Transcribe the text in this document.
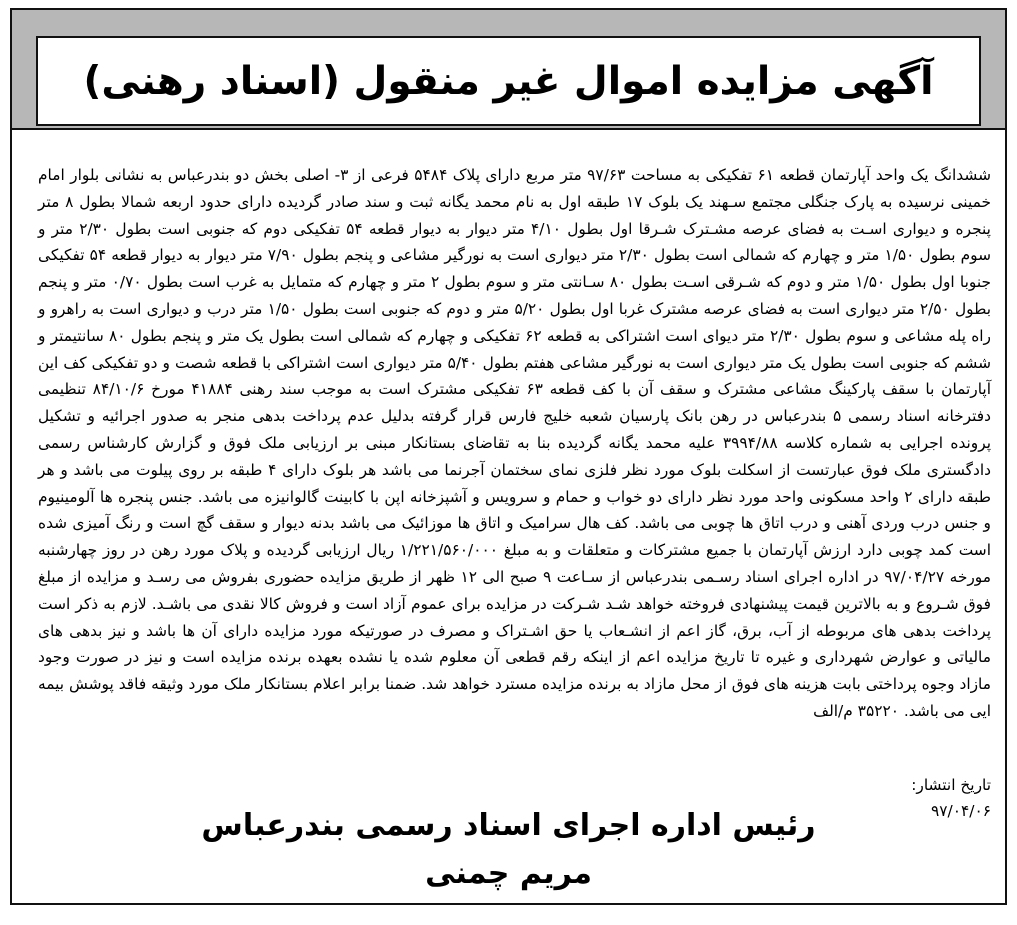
آگهی مزایده اموال غیر منقول (اسناد رهنی)

ششدانگ یک واحد آپارتمان قطعه ۶۱ تفکیکی به مساحت ۹۷/۶۳ متر مربع دارای پلاک ۵۴۸۴ فرعی از ۳- اصلی بخش دو بندرعباس به نشانی بلوار امام خمینی نرسیده به پارک جنگلی مجتمع سـهند یک بلوک ۱۷ طبقه اول به نام محمد یگانه ثبت و سند صادر گردیده دارای حدود اربعه شمالا بطول ۸ متر پنجره و دیواری اسـت به فضای عرصه مشـترک شـرقا اول بطول ۴/۱۰ متر دیوار به دیوار قطعه ۵۴ تفکیکی دوم که جنوبی است بطول ۲/۳۰ متر و سوم بطول ۱/۵۰ متر و چهارم که شمالی است بطول ۲/۳۰ متر دیواری است به نورگیر مشاعی و پنجم بطول ۷/۹۰ متر دیوار به دیوار قطعه ۵۴ تفکیکی جنوبا اول بطول ۱/۵۰ متر و دوم که شـرقی اسـت بطول ۸۰ سـانتی متر و سوم بطول ۲ متر و چهارم که متمایل به غرب است بطول ۰/۷۰ متر و پنجم بطول ۲/۵۰ متر دیواری است به فضای عرصه مشترک غربا اول بطول ۵/۲۰ متر و دوم که جنوبی است بطول ۱/۵۰ متر درب و دیواری است به راهرو و راه پله مشاعی و سوم بطول ۲/۳۰ متر دیوای است اشتراکی به قطعه ۶۲ تفکیکی و چهارم که شمالی است بطول یک متر و پنجم بطول ۸۰ سانتیمتر و ششم که جنوبی است بطول یک متر دیواری است به نورگیر مشاعی هفتم بطول ۵/۴۰ متر دیواری است اشتراکی با قطعه شصت و دو تفکیکی کف این آپارتمان با سقف پارکینگ مشاعی مشترک و سقف آن با کف قطعه ۶۳ تفکیکی مشترک است به موجب سند رهنی ۴۱۸۸۴ مورخ ۸۴/۱۰/۶ تنظیمی دفترخانه اسناد رسمی ۵ بندرعباس در رهن بانک پارسیان شعبه خلیج فارس قرار گرفته بدلیل عدم پرداخت بدهی منجر به صدور اجرائیه و تشکیل پرونده اجرایی به شماره کلاسه ۳۹۹۴/۸۸ علیه محمد یگانه گردیده بنا به تقاضای بستانکار مبنی بر ارزیابی ملک فوق و گزارش کارشناس رسمی دادگستری ملک فوق عبارتست از اسکلت بلوک مورد نظر فلزی نمای سختمان آجرنما می باشد هر بلوک دارای ۴ طبقه بر روی پیلوت می باشد و هر طبقه دارای ۲ واحد مسکونی واحد مورد نظر دارای دو خواب و حمام و سرویس و آشپزخانه اپن با کابینت گالوانیزه می باشد. جنس پنجره ها آلومینیوم و جنس درب وردی آهنی و درب اتاق ها چوبی می باشد. کف هال سرامیک و اتاق ها موزائیک می باشد بدنه دیوار و سقف گچ است و رنگ آمیزی شده است کمد چوبی دارد ارزش آپارتمان با جمیع مشترکات و متعلقات و به مبلغ ۱/۲۲۱/۵۶۰/۰۰۰ ریال ارزیابی گردیده و پلاک مورد رهن در روز چهارشنبه مورخه ۹۷/۰۴/۲۷ در اداره اجرای اسناد رسـمی بندرعباس از سـاعت ۹ صبح الی ۱۲ ظهر از طریق مزایده حضوری بفروش می رسـد و مزایده از مبلغ فوق شـروع و به بالاترین قیمت پیشنهادی فروخته خواهد شـد شـرکت در مزایده برای عموم آزاد است و فروش کالا نقدی می باشـد. لازم به ذکر است پرداخت بدهی های مربوطه از آب، برق، گاز اعم از انشـعاب یا حق اشـتراک و مصرف در صورتیکه مورد مزایده دارای آن ها باشد و نیز بدهی های مالیاتی و عوارض شهرداری و غیره تا تاریخ مزایده اعم از اینکه رقم قطعی آن معلوم شده یا نشده بعهده برنده مزایده است و نیز در صورت وجود مازاد وجوه پرداختی بابت هزینه های فوق از محل مازاد به برنده مزایده مسترد خواهد شد. ضمنا برابر اعلام بستانکار ملک مورد وثیقه فاقد پوشش بیمه ایی می باشد. ۳۵۲۲۰ م/الف

تاریخ انتشار:
۹۷/۰۴/۰۶
رئیس اداره اجرای اسناد رسمی بندرعباس
مریم چمنی
